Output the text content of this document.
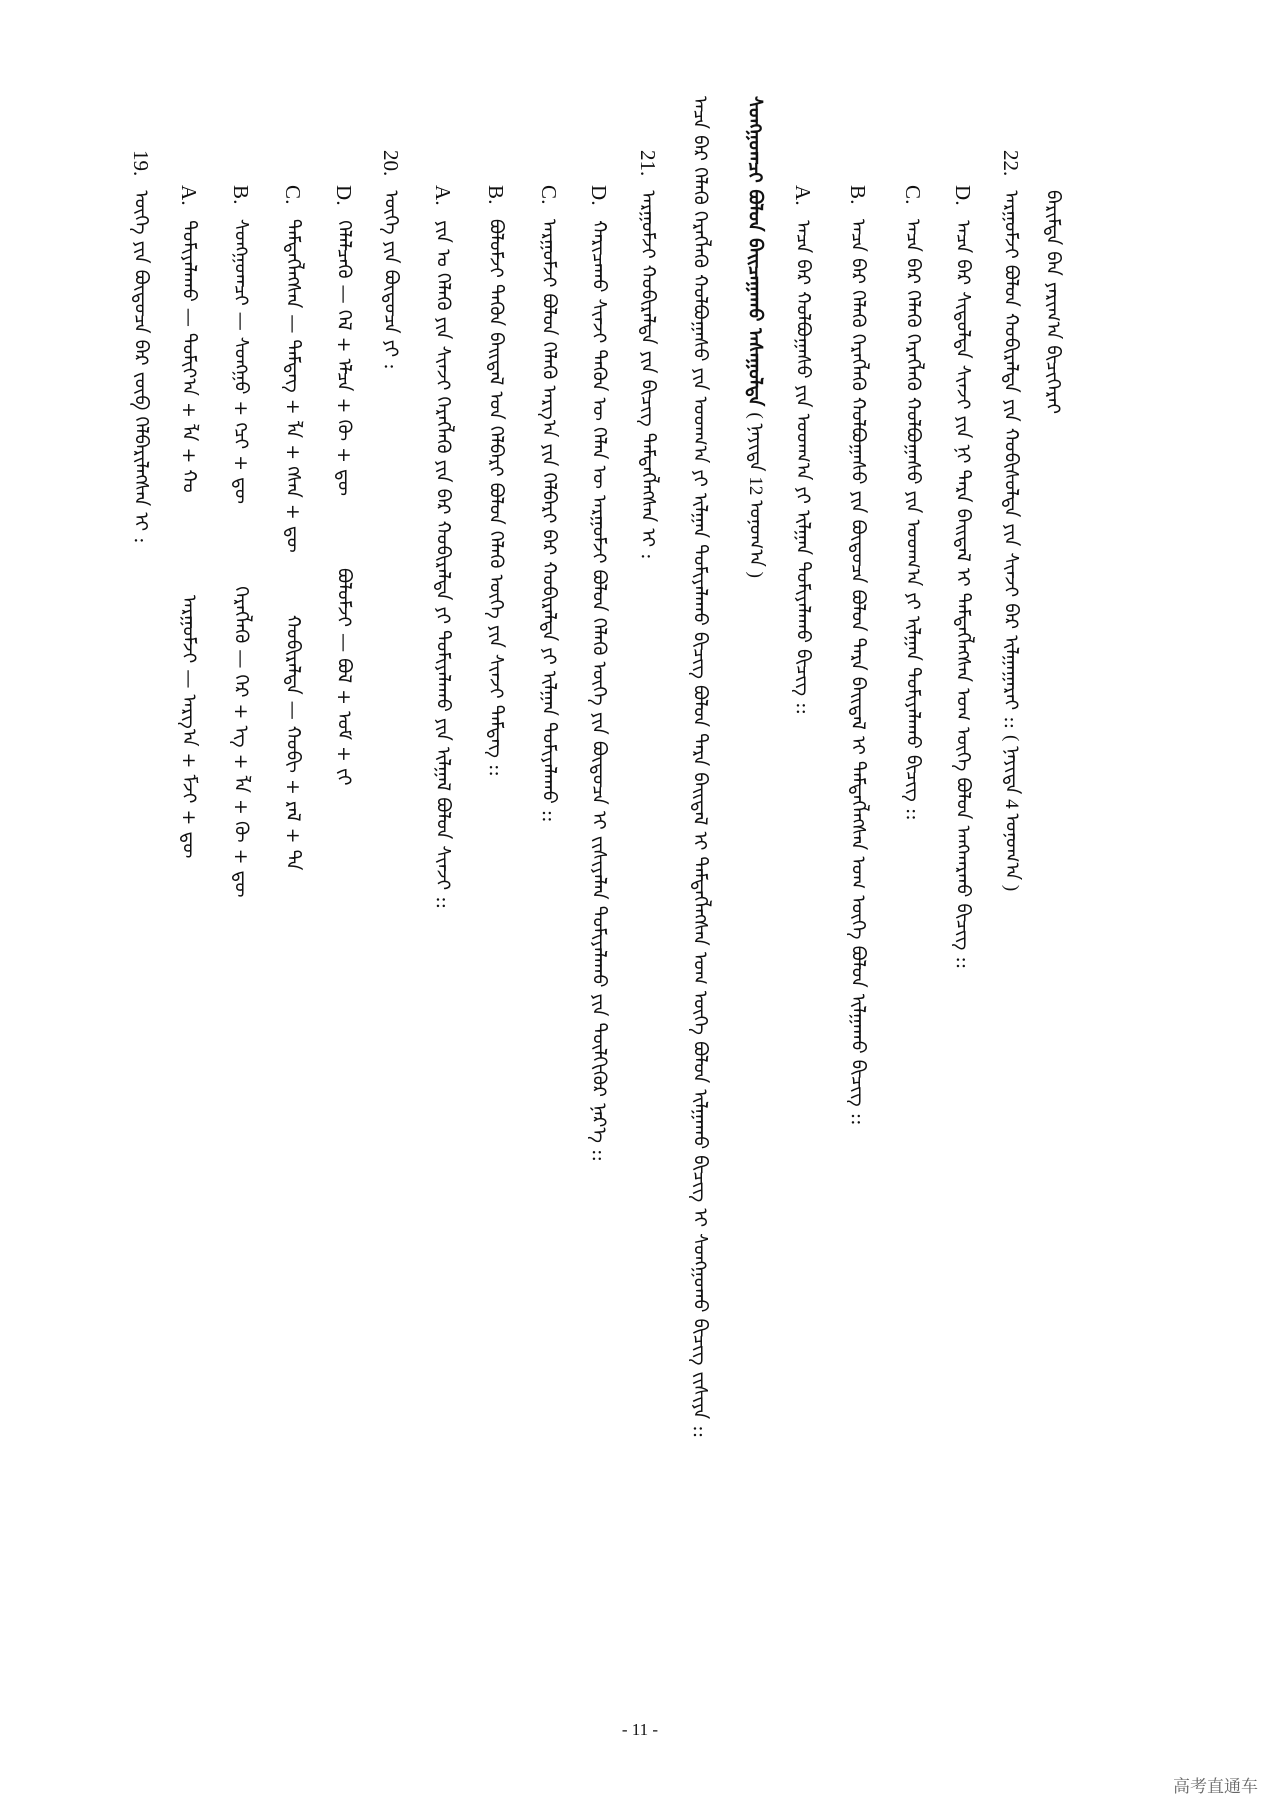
ᠪᠠᠷᠢᠮᠲᠠ ᠪᠠᠨ ᠶᠠᠷᠢᠭ᠎ᠠ ᠪᠢᠴᠢᠭᠡᠷᠡᠢ
22. ᠠᠷᠭᠤᠮᠵᠢ ᠪᠣᠯᠤᠨ ᠬᠣᠪᠢᠷᠠᠯᠲᠠ ᠶᠢᠨ ᠬᠤᠪᠢᠰᠤᠯᠲᠠ ᠶᠢᠨ ᠰᠢᠨᠵᠢ ᠪᠠᠷ ᠢᠯᠭᠠᠭᠠᠷᠠᠢ :: ( ᠨᠡᠶᠢᠲᠡ 4 ᠣᠨᠤᠭ᠎ᠠ )
D. ᠠᠴᠠ ᠪᠡᠷ ᠰᠢᠳᠤᠯᠲᠠ ᠰᠢᠨᠵᠢ ᠶᠢᠨ ᠨᠢ ᠲᠡᠷᠡ ᠪᠠᠢᠳᠠᠯ ᠢ ᠲᠡᠮᠳᠡᠭᠯᠡᠭᠰᠡᠨ ᠤᠭ ᠦᠭᠡ ᠪᠣᠯᠤᠨ ᠠᠩᠬᠠᠷᠬᠤ ᠪᠢᠴᠢᠭ᠌ ::
C. ᠠᠴᠠ ᠪᠡᠷ ᠬᠡᠯᠡᠬᠦ ᠬᠡᠷᠡᠭᠯᠡᠬᠦ ᠬᠣᠯᠪᠣᠭᠠᠰᠤ ᠶᠢᠨ ᠤᠳᠬ᠎ᠠ ᠶᠢ ᠢᠯᠭᠠᠨ ᠲᠣᠮᠢᠶᠠᠯᠠᠬᠤ ᠪᠢᠴᠢᠭ᠌ ::
B. ᠠᠴᠠ ᠪᠡᠷ ᠬᠡᠯᠡᠬᠦ ᠬᠡᠷᠡᠭᠯᠡᠬᠦ ᠬᠣᠯᠪᠣᠭᠠᠰᠤ ᠶᠢᠨ ᠪᠦᠲᠦᠴᠡ ᠪᠣᠯᠤᠨ ᠲᠡᠷᠡ ᠪᠠᠢᠳᠠᠯ ᠢ ᠲᠡᠮᠳᠡᠭᠯᠡᠭᠰᠡᠨ ᠤᠭ ᠦᠭᠡ ᠪᠣᠯᠤᠨ ᠢᠯᠭᠠᠬᠤ ᠪᠢᠴᠢᠭ᠌ ::
A. ᠠᠴᠠ ᠪᠡᠷ ᠬᠣᠯᠪᠣᠭᠠᠰᠤ ᠶᠢᠨ ᠤᠳᠬ᠎ᠠ ᠶᠢ ᠢᠯᠭᠠᠨ ᠲᠣᠮᠢᠶᠠᠯᠠᠬᠤ ᠪᠢᠴᠢᠭ᠌ ::
ᠰᠣᠩᠭᠣᠭᠴᠢ ᠪᠣᠯᠤᠨ ᠪᠠᠢᠴᠠᠭᠠᠬᠤ ᠠᠰᠠᠭᠤᠯᠲᠠ ( ᠨᠡᠶᠢᠲᠡ 12 ᠣᠨᠤᠭ᠎ᠠ )
ᠠᠴᠠ ᠪᠡᠷ ᠬᠡᠯᠡᠬᠦ ᠬᠡᠷᠡᠭᠯᠡᠬᠦ ᠬᠣᠯᠪᠣᠭᠠᠰᠤ ᠶᠢᠨ ᠤᠳᠬ᠎ᠠ ᠶᠢ ᠢᠯᠭᠠᠨ ᠲᠣᠮᠢᠶᠠᠯᠠᠬᠤ ᠪᠢᠴᠢᠭ᠌ ᠪᠣᠯᠤᠨ ᠲᠡᠷᠡ ᠪᠠᠢᠳᠠᠯ ᠢ ᠲᠡᠮᠳᠡᠭᠯᠡᠭᠰᠡᠨ ᠤᠭ ᠦᠭᠡ ᠪᠣᠯᠤᠨ ᠢᠯᠭᠠᠬᠤ ᠪᠢᠴᠢᠭ᠌ ᠢ ᠰᠣᠩᠭᠣᠬᠤ ᠪᠢᠴᠢᠭ᠌ ᠵᠢᠱᠢᠶᠡ ::
21. ᠠᠷᠭᠤᠮᠵᠢ ᠬᠣᠪᠢᠷᠠᠯᠲᠠ ᠶᠢᠨ ᠪᠢᠴᠢᠭ᠌ ᠲᠡᠮᠳᠡᠭᠯᠡᠭᠰᠡᠨ ᠢ :
D. ᠬᠠᠷᠢᠴᠠᠬᠤ ᠰᠢᠨᠵᠢ ᠲᠡᠭᠦᠨ ᠦ ᠬᠡᠯᠡᠨ ᠦ ᠠᠷᠭᠤᠮᠵᠢ ᠪᠣᠯᠤᠨ ᠬᠡᠯᠡᠬᠦ ᠦᠭᠡ ᠶᠢᠨ ᠪᠦᠲᠦᠴᠡ ᠢ ᠵᠢᠱᠢᠶᠡᠯᠡᠨ ᠲᠣᠮᠢᠶᠠᠯᠠᠬᠤ ᠶᠢᠨ ᠲᠦᠯᠬᠢᠭᠦᠷ ᠨᠡᠷ᠎ᠡ ::
C. ᠠᠷᠭᠤᠮᠵᠢ ᠪᠣᠯᠤᠨ ᠬᠡᠯᠡᠬᠦ ᠠᠷᠭ᠎ᠠ ᠶᠢᠨ ᠬᠡᠯᠪᠡᠷᠢ ᠪᠠᠷ ᠬᠣᠪᠢᠷᠠᠯᠲᠠ ᠶᠢ ᠢᠯᠭᠠᠨ ᠲᠣᠮᠢᠶᠠᠯᠠᠬᠤ ::
B. ᠪᠣᠯᠤᠮᠵᠢ ᠲᠡᠭᠦᠨ ᠪᠠᠢᠳᠠᠯ ᠤᠨ ᠬᠡᠯᠪᠡᠷᠢ ᠪᠣᠯᠤᠨ ᠬᠡᠯᠡᠬᠦ ᠦᠭᠡ ᠶᠢᠨ ᠰᠢᠨᠵᠢ ᠲᠡᠮᠳᠡᠭ ::
A. ᠶᠢᠨ ᠤ ᠬᠡᠯᠡᠬᠦ ᠶᠢᠨ ᠰᠢᠨᠵᠢ ᠬᠡᠷᠡᠭᠯᠡᠬᠦ ᠶᠢᠨ ᠪᠠᠷ ᠬᠣᠪᠢᠷᠠᠯᠲᠠ ᠶᠢ ᠲᠣᠮᠢᠶᠠᠯᠠᠬᠤ ᠶᠢᠨ ᠢᠯᠭᠠᠯ ᠪᠣᠯᠤᠨ ᠰᠢᠨᠵᠢ ::
20. ᠦᠭᠡ ᠶᠢᠨ ᠪᠦᠲᠦᠴᠡ ᠶᠢ :
D. ᠬᠡᠯᠡᠯᠴᠡᠬᠦ — ᠬᠡᠯ + ᠡᠯᠴᠡ + ᠬᠦ + ᠳᠦ  ᠪᠣᠯᠤᠮᠵᠢ — ᠪᠣᠯ + ᠤᠮ + ᠵᠢ
C. ᠲᠡᠮᠳᠡᠭᠯᠡᠭᠰᠡᠨ — ᠲᠡᠮᠳᠡᠭ + ᠯᠡ + ᠭᠰᠡᠨ + ᠳᠦ  ᠬᠣᠪᠢᠷᠠᠯᠲᠠ — ᠬᠣᠪᠢ + ᠷᠠᠯ + ᠲᠠ
B. ᠰᠣᠩᠭᠣᠭᠴᠢ — ᠰᠣᠩᠭᠣ + ᠭᠴᠢ + ᠳᠦ  ᠬᠡᠷᠡᠭᠯᠡᠬᠦ — ᠬᠡᠷ + ᠡᠭ + ᠯᠡ + ᠬᠦ + ᠳᠦ
A. ᠲᠣᠮᠢᠶᠠᠯᠠᠬᠤ — ᠲᠣᠮᠢᠶ᠎ᠠ + ᠯᠠ + ᠬᠤ  ᠠᠷᠭᠤᠮᠵᠢ — ᠠᠷᠭ᠎ᠠ + ᠮᠵᠢ + ᠳᠦ
19. ᠦᠭᠡ ᠶᠢᠨ ᠪᠦᠲᠦᠴᠡ ᠪᠠᠷ ᠵᠦᠪ ᠬᠡᠯᠪᠡᠷᠢᠯᠡᠭᠰᠡᠨ ᠢ :
- 11 -
高考直通车
